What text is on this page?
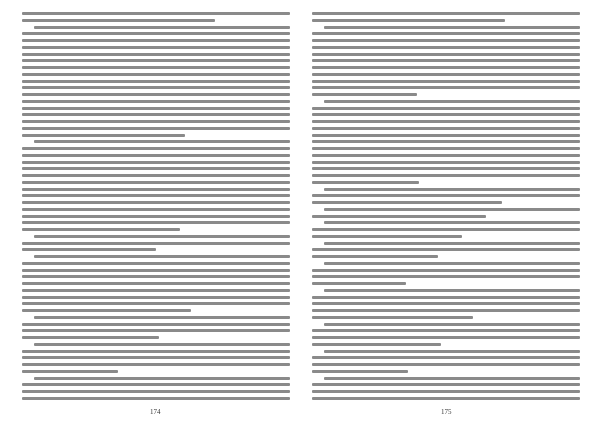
174	175
